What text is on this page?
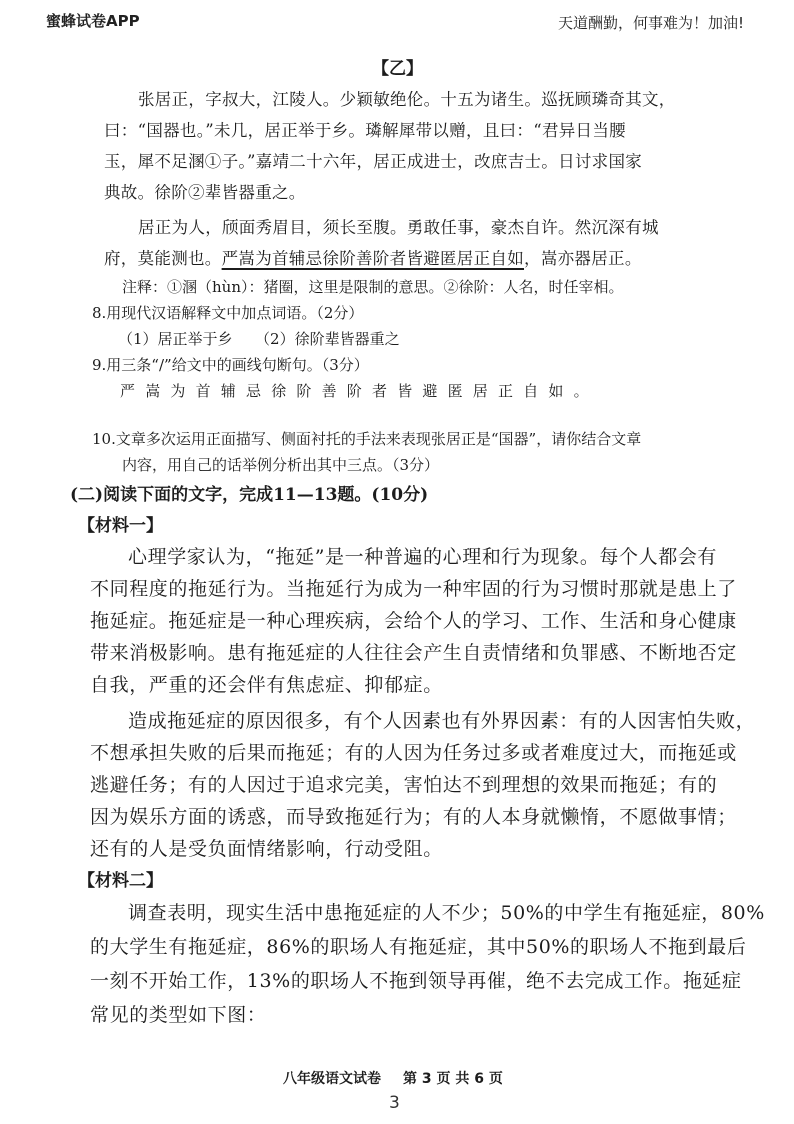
蜜蜂试卷APP	天道酬勤，何事难为！加油!
【乙】
张居正，字叔大，江陵人。少颖敏绝伦。十五为诸生。巡抚顾璘奇其文，
曰：“国器也。”未几，居正举于乡。璘解犀带以赠，且曰：“君异日当腰
玉，犀不足溷①子。”嘉靖二十六年，居正成进士，改庶吉士。日讨求国家
典故。徐阶②辈皆器重之。
居正为人，颀面秀眉目，须长至腹。勇敢任事，豪杰自许。然沉深有城
府，莫能测也。严嵩为首辅忌徐阶善阶者皆避匿居正自如，嵩亦器居正。
注释：①溷（hùn）：猪圈，这里是限制的意思。②徐阶：人名，时任宰相。
8.用现代汉语解释文中加点词语。（2分）
（1）居正举于乡　　（2）徐阶辈皆器重之
9.用三条“/”给文中的画线句断句。（3分）
严嵩为首辅忌徐阶善阶者皆避匿居正自如。
10.文章多次运用正面描写、侧面衬托的手法来表现张居正是“国器”，请你结合文章
内容，用自己的话举例分析出其中三点。（3分）
(二)阅读下面的文字，完成11—13题。(10分)
【材料一】
心理学家认为，“拖延”是一种普遍的心理和行为现象。每个人都会有
不同程度的拖延行为。当拖延行为成为一种牢固的行为习惯时那就是患上了
拖延症。拖延症是一种心理疾病，会给个人的学习、工作、生活和身心健康
带来消极影响。患有拖延症的人往往会产生自责情绪和负罪感、不断地否定
自我，严重的还会伴有焦虑症、抑郁症。
造成拖延症的原因很多，有个人因素也有外界因素：有的人因害怕失败，
不想承担失败的后果而拖延；有的人因为任务过多或者难度过大，而拖延或
逃避任务；有的人因过于追求完美，害怕达不到理想的效果而拖延；有的
因为娱乐方面的诱惑，而导致拖延行为；有的人本身就懒惰，不愿做事情；
还有的人是受负面情绪影响，行动受阻。
【材料二】
调查表明，现实生活中患拖延症的人不少；50%的中学生有拖延症，80%
的大学生有拖延症，86%的职场人有拖延症，其中50%的职场人不拖到最后
一刻不开始工作，13%的职场人不拖到领导再催，绝不去完成工作。拖延症
常见的类型如下图：
八年级语文试卷 第 3 页 共 6 页
3
